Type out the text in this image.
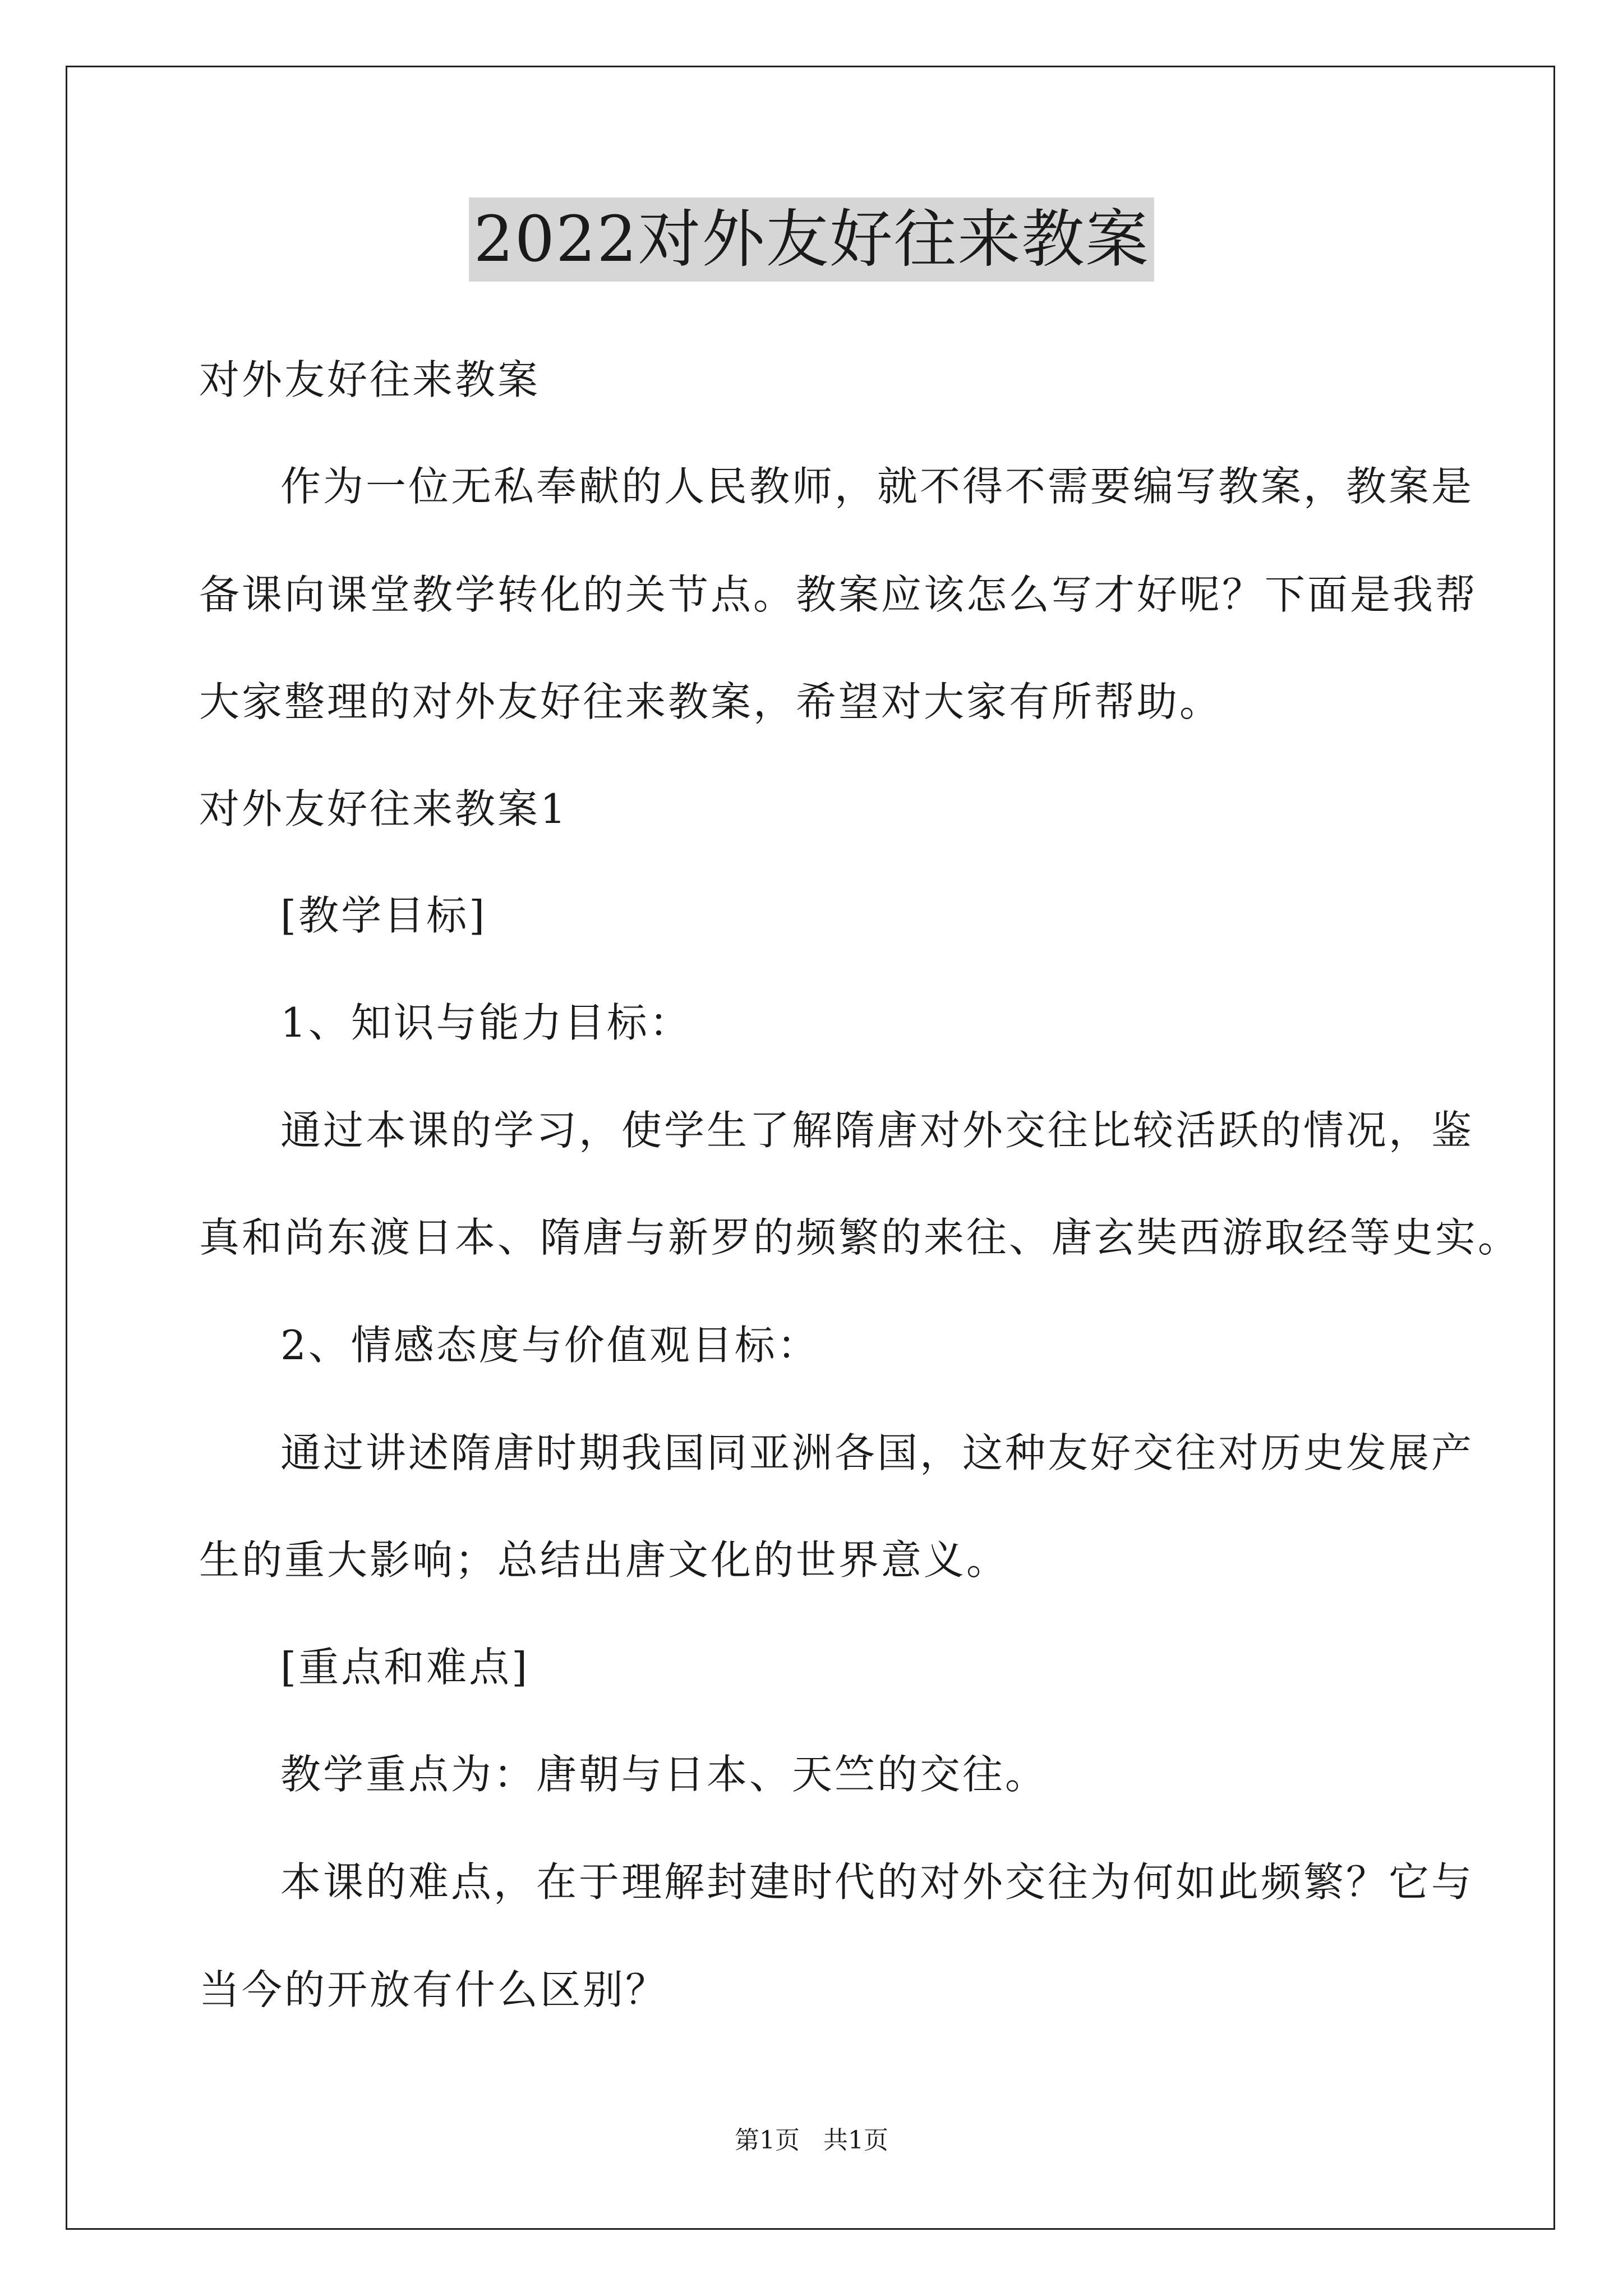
2022对外友好往来教案
对外友好往来教案
作为一位无私奉献的人民教师，就不得不需要编写教案，教案是
备课向课堂教学转化的关节点。教案应该怎么写才好呢？下面是我帮
大家整理的对外友好往来教案，希望对大家有所帮助。
对外友好往来教案1
[教学目标]
1、知识与能力目标：
通过本课的学习，使学生了解隋唐对外交往比较活跃的情况，鉴
真和尚东渡日本、隋唐与新罗的频繁的来往、唐玄奘西游取经等史实。
2、情感态度与价值观目标：
通过讲述隋唐时期我国同亚洲各国，这种友好交往对历史发展产
生的重大影响；总结出唐文化的世界意义。
[重点和难点]
教学重点为：唐朝与日本、天竺的交往。
本课的难点，在于理解封建时代的对外交往为何如此频繁？它与
当今的开放有什么区别？
第1页   共1页
